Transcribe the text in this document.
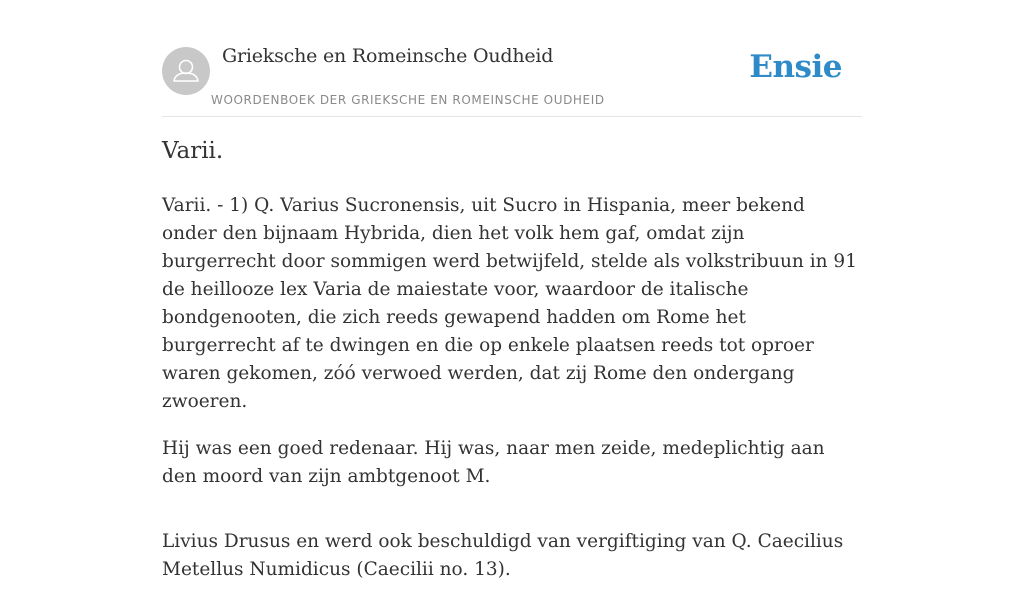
Grieksche en Romeinsche Oudheid
WOORDENBOEK DER GRIEKSCHE EN ROMEINSCHE OUDHEID
Ensie
Varii.

Varii. - 1) Q. Varius Sucronensis, uit Sucro in Hispania, meer bekend onder den bijnaam Hybrida, dien het volk hem gaf, omdat zijn burgerrecht door sommigen werd betwijfeld, stelde als volkstribuun in 91 de heillooze lex Varia de maiestate voor, waardoor de italische bondgenooten, die zich reeds gewapend hadden om Rome het burgerrecht af te dwingen en die op enkele plaatsen reeds tot oproer waren gekomen, zóó verwoed werden, dat zij Rome den ondergang zwoeren.

Hij was een goed redenaar. Hij was, naar men zeide, medeplichtig aan den moord van zijn ambtgenoot M.

Livius Drusus en werd ook beschuldigd van vergiftiging van Q. Caecilius Metellus Numidicus (Caecilii no. 13).
